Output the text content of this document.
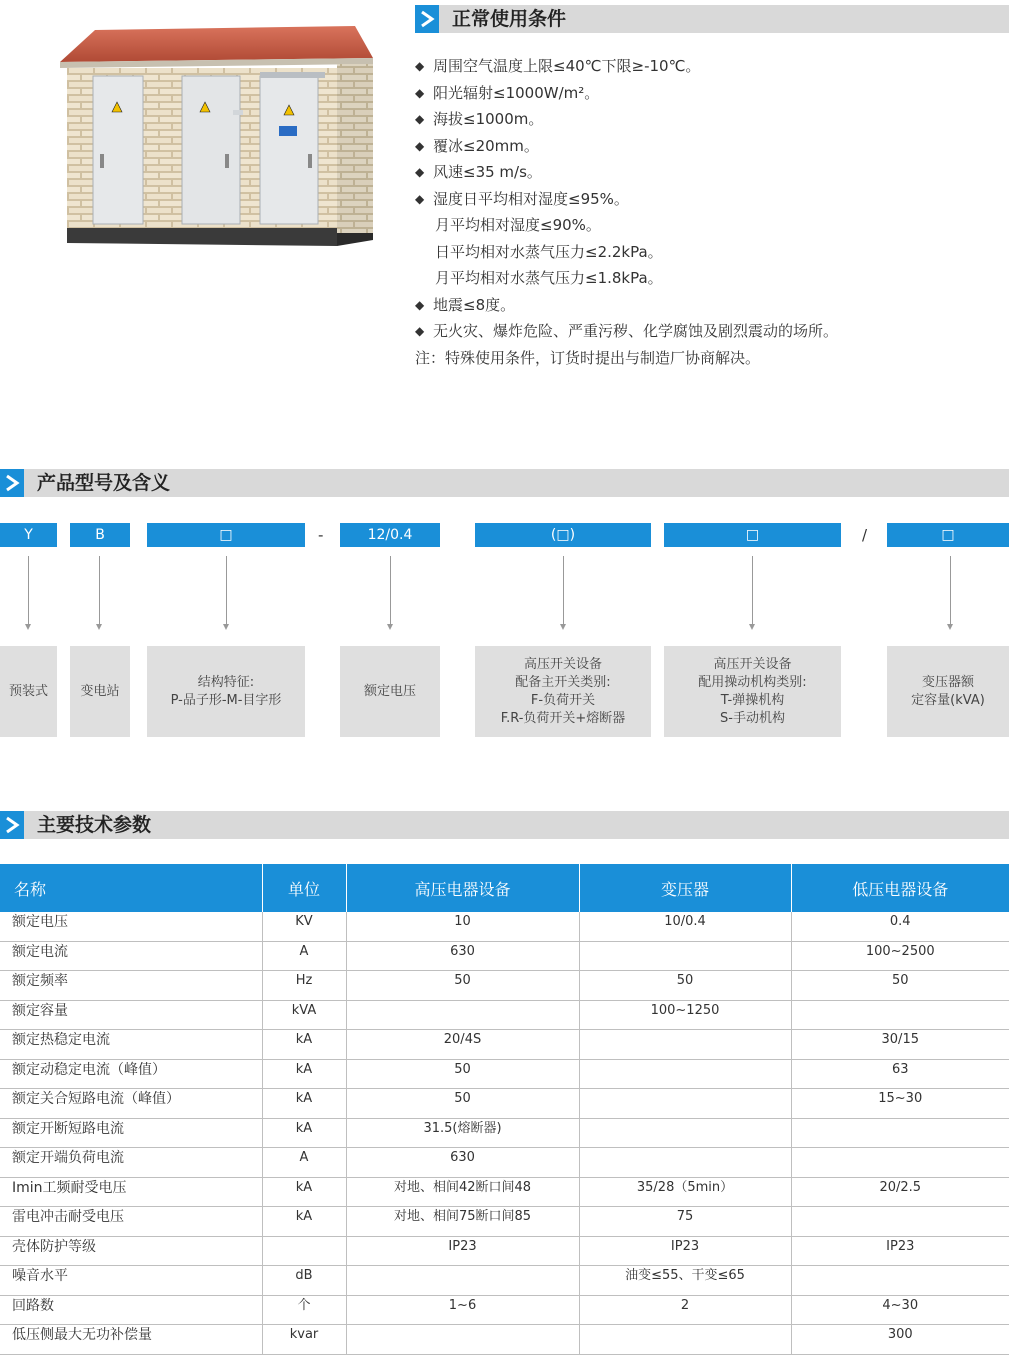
正常使用条件
◆ 周围空气温度上限≤40℃下限≥-10℃。
◆ 阳光辐射≤1000W/m²。
◆ 海拔≤1000m。
◆ 覆冰≤20mm。
◆ 风速≤35 m/s。
◆ 湿度日平均相对湿度≤95%。
月平均相对湿度≤90%。
日平均相对水蒸气压力≤2.2kPa。
月平均相对水蒸气压力≤1.8kPa。
◆ 地震≤8度。
◆ 无火灾、爆炸危险、严重污秽、化学腐蚀及剧烈震动的场所。
注：特殊使用条件，订货时提出与制造厂协商解决。
产品型号及含义
Y	B	□	-	12/0.4	(□)	□	/	□
预装式 变电站
结构特征:
P-品子形-M-目字形
额定电压
高压开关设备
配备主开关类别:
F-负荷开关
F.R-负荷开关+熔断器
高压开关设备
配用操动机构类别:
T-弹操机构
S-手动机构
变压器额
定容量(kVA)
主要技术参数
名称	单位	高压电器设备	变压器	低压电器设备
额定电压	KV	10	10/0.4	0.4
额定电流	A	630		100~2500
额定频率	Hz	50	50	50
额定容量	kVA		100~1250	
额定热稳定电流	kA	20/4S		30/15
额定动稳定电流（峰值）	kA	50		63
额定关合短路电流（峰值）	kA	50		15~30
额定开断短路电流	kA	31.5(熔断器)		
额定开端负荷电流	A	630		
Imin工频耐受电压	kA	对地、相间42断口间48	35/28（5min）	20/2.5
雷电冲击耐受电压	kA	对地、相间75断口间85	75	
壳体防护等级		IP23	IP23	IP23
噪音水平	dB		油变≤55、干变≤65	
回路数	个	1~6	2	4~30
低压侧最大无功补偿量	kvar			300
